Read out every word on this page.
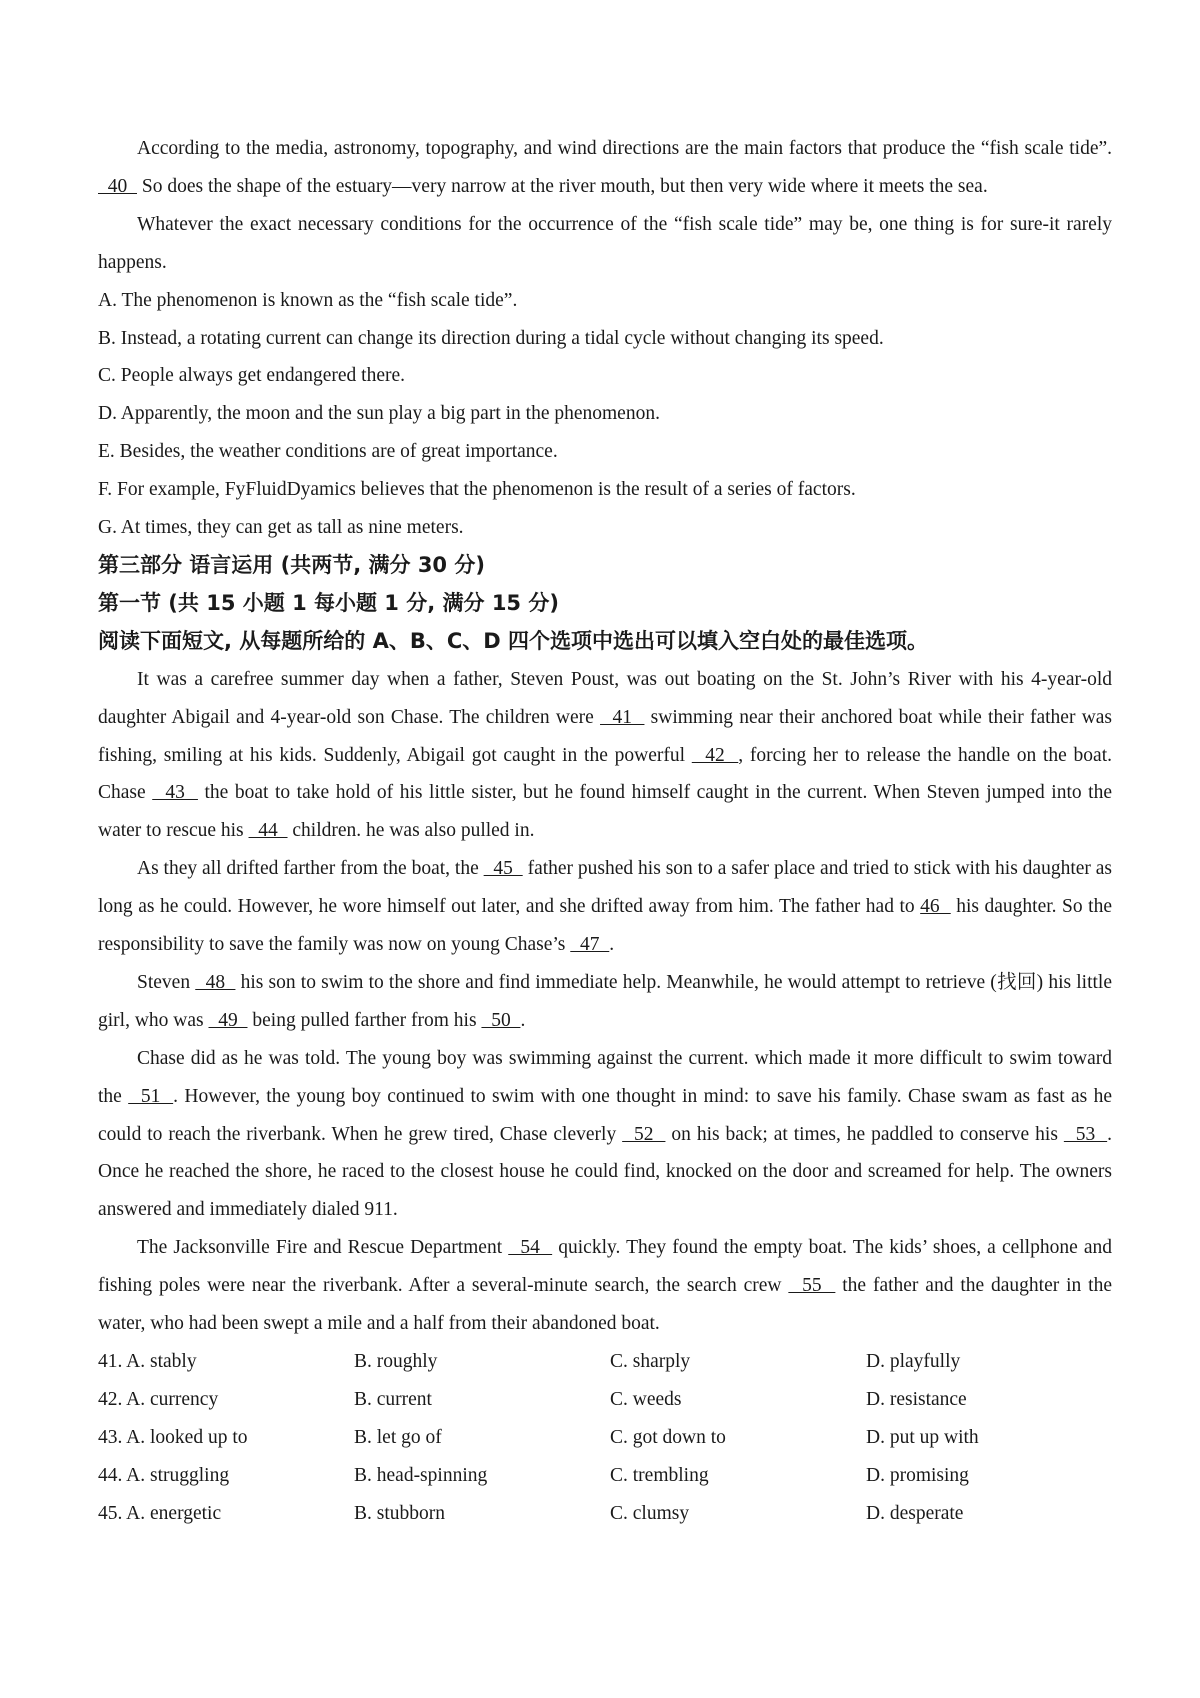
According to the media, astronomy, topography, and wind directions are the main factors that produce the “fish scale tide”.   40   So does the shape of the estuary—very narrow at the river mouth, but then very wide where it meets the sea.

Whatever the exact necessary conditions for the occurrence of the “fish scale tide” may be, one thing is for sure-it rarely happens.

A. The phenomenon is known as the “fish scale tide”.

B. Instead, a rotating current can change its direction during a tidal cycle without changing its speed.

C. People always get endangered there.

D. Apparently, the moon and the sun play a big part in the phenomenon.

E. Besides, the weather conditions are of great importance.

F. For example, FyFluidDyamics believes that the phenomenon is the result of a series of factors.

G. At times, they can get as tall as nine meters.

第三部分 语言运用 (共两节, 满分 30 分)

第一节 (共 15 小题 1 每小题 1 分, 满分 15 分)

阅读下面短文, 从每题所给的 A、B、C、D 四个选项中选出可以填入空白处的最佳选项。

It was a carefree summer day when a father, Steven Poust, was out boating on the St. John’s River with his 4-year-old daughter Abigail and 4-year-old son Chase. The children were   41   swimming near their anchored boat while their father was fishing, smiling at his kids. Suddenly, Abigail got caught in the powerful   42  , forcing her to release the handle on the boat. Chase   43   the boat to take hold of his little sister, but he found himself caught in the current. When Steven jumped into the water to rescue his   44   children. he was also pulled in.

As they all drifted farther from the boat, the   45   father pushed his son to a safer place and tried to stick with his daughter as long as he could. However, he wore himself out later, and she drifted away from him. The father had to 46   his daughter. So the responsibility to save the family was now on young Chase’s   47  .

Steven   48   his son to swim to the shore and find immediate help. Meanwhile, he would attempt to retrieve (找回) his little girl, who was   49   being pulled farther from his   50  .

Chase did as he was told. The young boy was swimming against the current. which made it more difficult to swim toward the   51  . However, the young boy continued to swim with one thought in mind: to save his family. Chase swam as fast as he could to reach the riverbank. When he grew tired, Chase cleverly   52   on his back; at times, he paddled to conserve his   53  . Once he reached the shore, he raced to the closest house he could find, knocked on the door and screamed for help. The owners answered and immediately dialed 911.

The Jacksonville Fire and Rescue Department   54   quickly. They found the empty boat. The kids’ shoes, a cellphone and fishing poles were near the riverbank. After a several-minute search, the search crew   55   the father and the daughter in the water, who had been swept a mile and a half from their abandoned boat.

41. A. stably	B. roughly	C. sharply	D. playfully
42. A. currency	B. current	C. weeds	D. resistance
43. A. looked up to	B. let go of	C. got down to	D. put up with
44. A. struggling	B. head-spinning	C. trembling	D. promising
45. A. energetic	B. stubborn	C. clumsy	D. desperate
